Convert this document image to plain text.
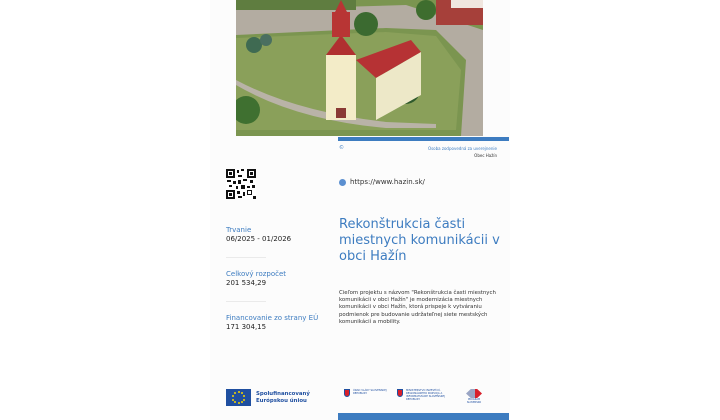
©	Osoba zodpovedná za uverejnenie
Obec Hažín
https://www.hazin.sk/
Trvanie
06/2025 - 01/2026
Celkový rozpočet
201 534,29
Financovanie zo strany EÚ
171 304,15
Rekonštrukcia časti miestnych komunikácii v obci Hažín
Cieľom projektu s názvom "Rekonštrukcia časti miestnych komunikácii v obci Hažín" je modernizácia miestnych komunikácii v obci Hažín, ktorá prispeje k vytváraniu podmienok pre budovanie udržateľnej siete mestských komunikácií a mobility.
Spolufinancovaný
Európskou úniou
ÚRAD VLÁDY SLOVENSKEJ REPUBLIKY
MINISTERSTVO INVESTÍCIÍ, REGIONÁLNEHO ROZVOJA A INFORMATIZÁCIE SLOVENSKEJ REPUBLIKY	PROGRAM SLOVENSKO
